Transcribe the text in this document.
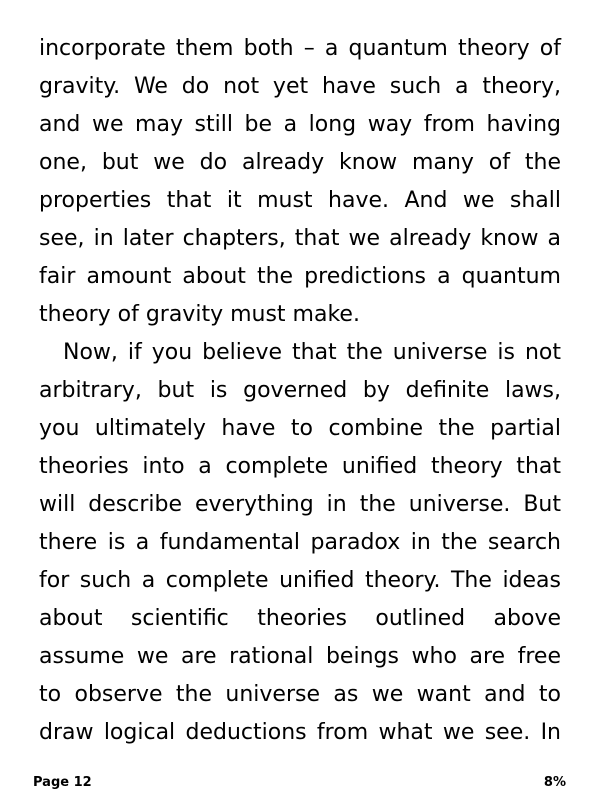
incorporate them both – a quantum theory of
gravity. We do not yet have such a theory,
and we may still be a long way from having
one, but we do already know many of the
properties that it must have. And we shall
see, in later chapters, that we already know a
fair amount about the predictions a quantum
theory of gravity must make.
Now, if you believe that the universe is not
arbitrary, but is governed by definite laws,
you ultimately have to combine the partial
theories into a complete unified theory that
will describe everything in the universe. But
there is a fundamental paradox in the search
for such a complete unified theory. The ideas
about scientific theories outlined above
assume we are rational beings who are free
to observe the universe as we want and to
draw logical deductions from what we see. In
Page 12	8%
